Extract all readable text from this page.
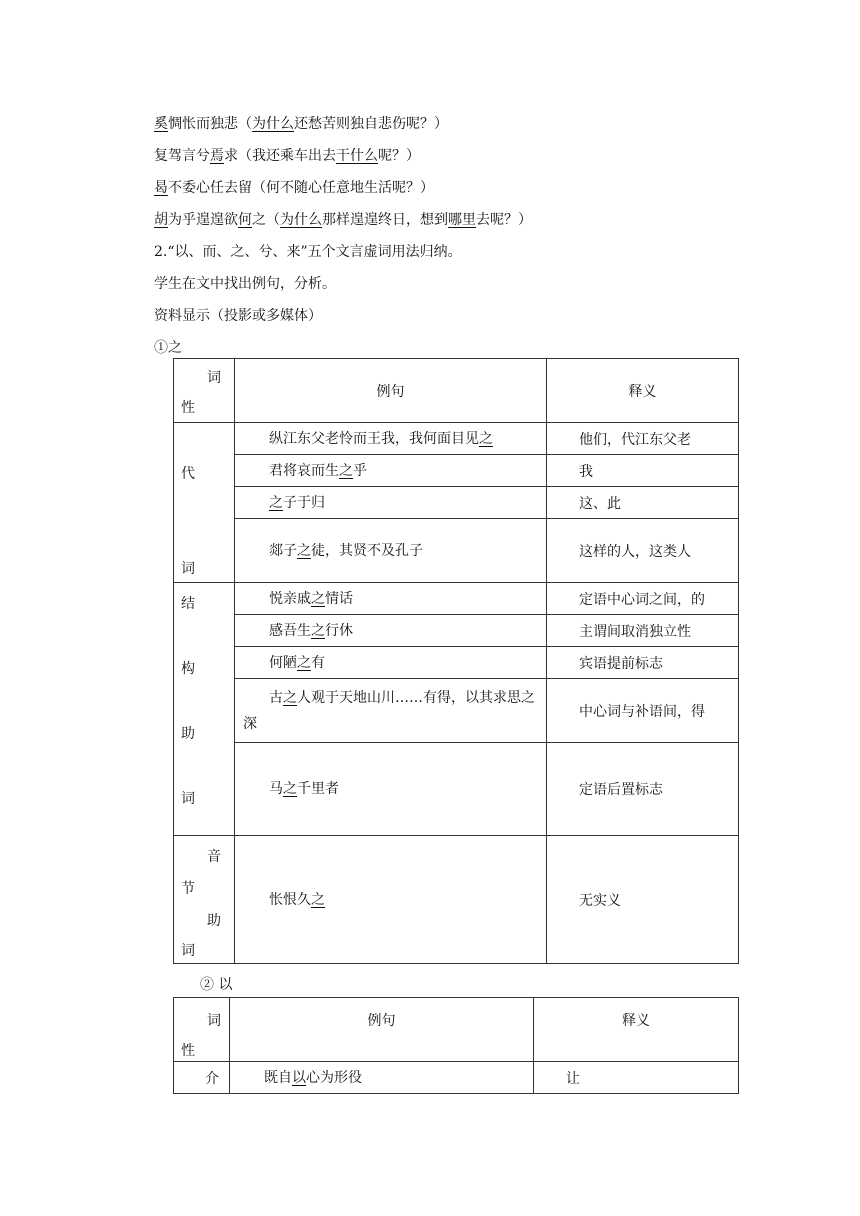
奚惆怅而独悲（为什么还愁苦则独自悲伤呢？）
复驾言兮焉求（我还乘车出去干什么呢？）
曷不委心任去留（何不随心任意地生活呢？）
胡为乎遑遑欲何之（为什么那样遑遑终日，想到哪里去呢？）
2.“以、而、之、兮、来”五个文言虚词用法归纳。
学生在文中找出例句，分析。
资料显示（投影或多媒体）
①之
词
性	例句	释义

代
词	纵江东父老怜而王我，我何面目见之	他们，代江东父老
	君将哀而生之乎	我
	之子于归	这、此
	郯子之徒，其贤不及孔子	这样的人，这类人

结
构
助
词	悦亲戚之情话	定语中心词之间，的
	感吾生之行休	主谓间取消独立性
	何陋之有	宾语提前标志
	古之人观于天地山川……有得，以其求思之深	中心词与补语间，得
	马之千里者	定语后置标志

音
节
助
词	怅恨久之	无实义
② 以
词
性	例句	释义
介	既自以心为形役	让
